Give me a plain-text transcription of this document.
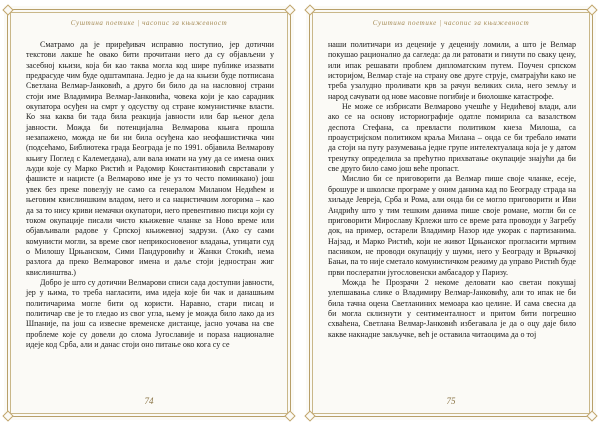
Суштина поетике | часопис за књижевност

Сматрамо да је приређивач исправно поступио, јер дотични текстови лакше ће овако бити прочитани него да су објављени у засебној књизи, која би као таква могла код шире публике изазвати предрасуде чим буде одштампана. Једно је да на књизи буде потписана Светлана Велмар-Јанковић, а друго би било да на насловној страни стоји име Владимира Велмар-Јанковића, човека који је као сарадник окупатора осуђен на смрт у одсуству од стране комунистичке власти. Ко зна каква би тада била реакција јавности или бар њеног дела јавности. Можда би потенцијална Велмарова књига прошла незапажено, можда не би ни била осуђена као неофашистичка чин (подсећамо, Библиотека града Београда је по 1991. објавила Велмарову књигу Поглед с Калемегдана), али вала имати на уму да се имена оних људи које су Марко Ристић и Радомир Константиновић сврставали у фашисте и нацисте (а Велмарово име је уз то често поминкано) још увек без преке повезују не само са генералом Миланом Недићем и његовим квислиншким владом, него и са нацистичким логорима – као да за то нису криви немачки окупатори, него превентивно писци који су током окупације писали чисто књижевне чланке за Ново време или објављивали радове у Српској књижевној задрузи. (Ако су сами комунисти могли, за време свог неприкосновеног владања, утицати суд о Милошу Црњанском, Сими Пандуровићу и Жанки Стокић, нема разлога да преко Велмаровог имена и даље стоји једностран жиг квислинштва.)

Добро је што су дотични Велмарови списи сада доступни јавности, јер у њима, то треба нагласити, има идеја које би чак и данашњим политичарима могле бити од користи. Наравно, стари писац и политичар све је то гледао из свог угла, њему је можда било лако да из Шпаније, па још са извесне временске дистанце, јасно уочава на све проблеме које су довели до слома Југославије и пораза националне идеје код Срба, али и данас стоји оно питање око кога су се

74
Суштина поетике | часопис за књижевност

наши политичари из деценије у деценију ломили, а што је Велмар покушао рационално да сагледа: да ли ратовати и гинути по сваку цену, или ипак решавати проблем дипломатским путем. Поучен српском историјом, Велмар стаје на страну ове друге струје, сматрајући како не треба узалудно проливати крв за рачун великих сила, него земљу и народ сачувати од нове масовне погибије и биолошке катастрофе.

Не може се избрисати Велмарово учешће у Недићевој влади, али ако се на основу историографије одатле помирила са вазалством деспота Стефана, са превласти политиком кнеза Милоша, са проаустријском политиком краља Милана – онда се би требало имати да стоји на путу разумевања једне групе интелектуалаца која је у датом тренутку определила за прећутно прихватање окупације знајући да би све друго било само још веће пропаст.

Мислио би се приговорити да Велмар пише своје чланке, есеје, брошуре и школске програме у оним данима кад по Београду страда на хиљаде Јевреја, Срба и Рома, али онда би се могло приговорити и Иви Андрићу што у тим тешким данима пише своје романе, могли би се приговорити Мирославу Крлежи што се време рата провоуди у Загребу док, на пример, остарели Владимир Назор иде укорак с партизанима. Најзад, и Марко Ристић, који не живот Црњанског прогласити мртвим пасником, не проводи окупацију у шуми, него у Београду и Врњачкој Бањи, па то није сметало комунистичком режиму да управо Ристић буде први послератни југословенски амбасадор у Паризу.

Можда ће Прозрачи 2 некоме деловати као светан покушај улепшавања слике о Владимиру Велмар-Јанковићу, али то ипак не би била тачна оцена Светланиних мемоара као целине. И сама свесна да би могла склизнути у сентименталност и притом бити погрешно схваћена, Светлана Велмар-Јанковић избегавала је да о оцу даје било какве накнадне закључке, већ је оставила читаоцима да о тој

75
